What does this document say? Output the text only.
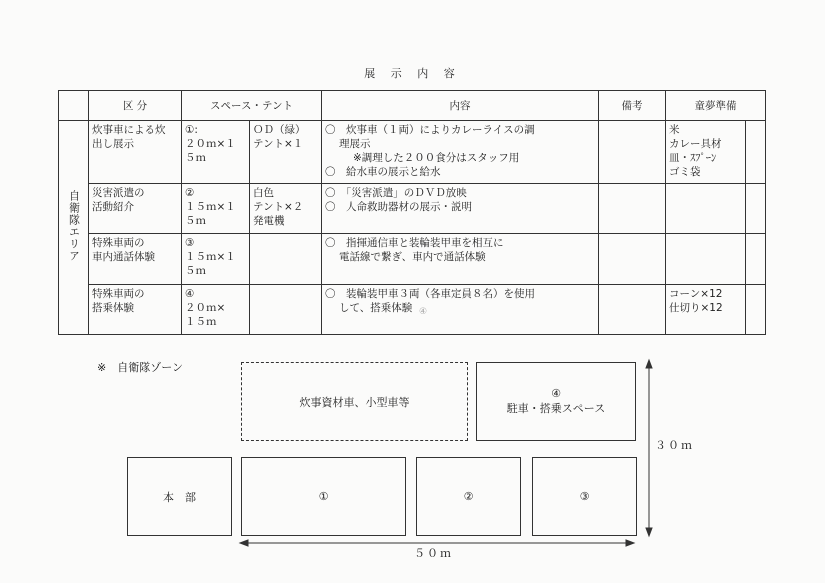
展 示 内 容
	区 分	スペース・テント		内容	備考	童夢準備	
自衛隊エリア	炊事車による炊
出し展示	①:
２０ｍ×１
５ｍ	ＯＤ（緑）
テント×１	〇　炊事車（１両）によりカレーライスの調
理展示
※調理した２００食分はスタッフ用
〇　給水車の展示と給水		米
カレー具材
皿・ｽﾌﾟｰﾝ
ゴミ袋	

	災害派遣の
活動紹介	②
１５ｍ×１
５ｍ	白色
テント×２
発電機	〇　「災害派遣」のＤＶＤ放映
〇　人命救助器材の展示・説明			

	特殊車両の
車内通話体験	③
１５ｍ×１
５ｍ		〇　指揮通信車と装輪装甲車を相互に
電話線で繋ぎ、車内で通話体験			

	特殊車両の
搭乗体験	④
２０ｍ×
１５ｍ		〇　装輪装甲車３両（各車定員８名）を使用
して、搭乗体験		コーン×12
仕切り×12	

④
※　自衛隊ゾーン
炊事資材車、小型車等
④
駐車・搭乗スペース
本　部	①	②	③
３０ｍ
５０ｍ
